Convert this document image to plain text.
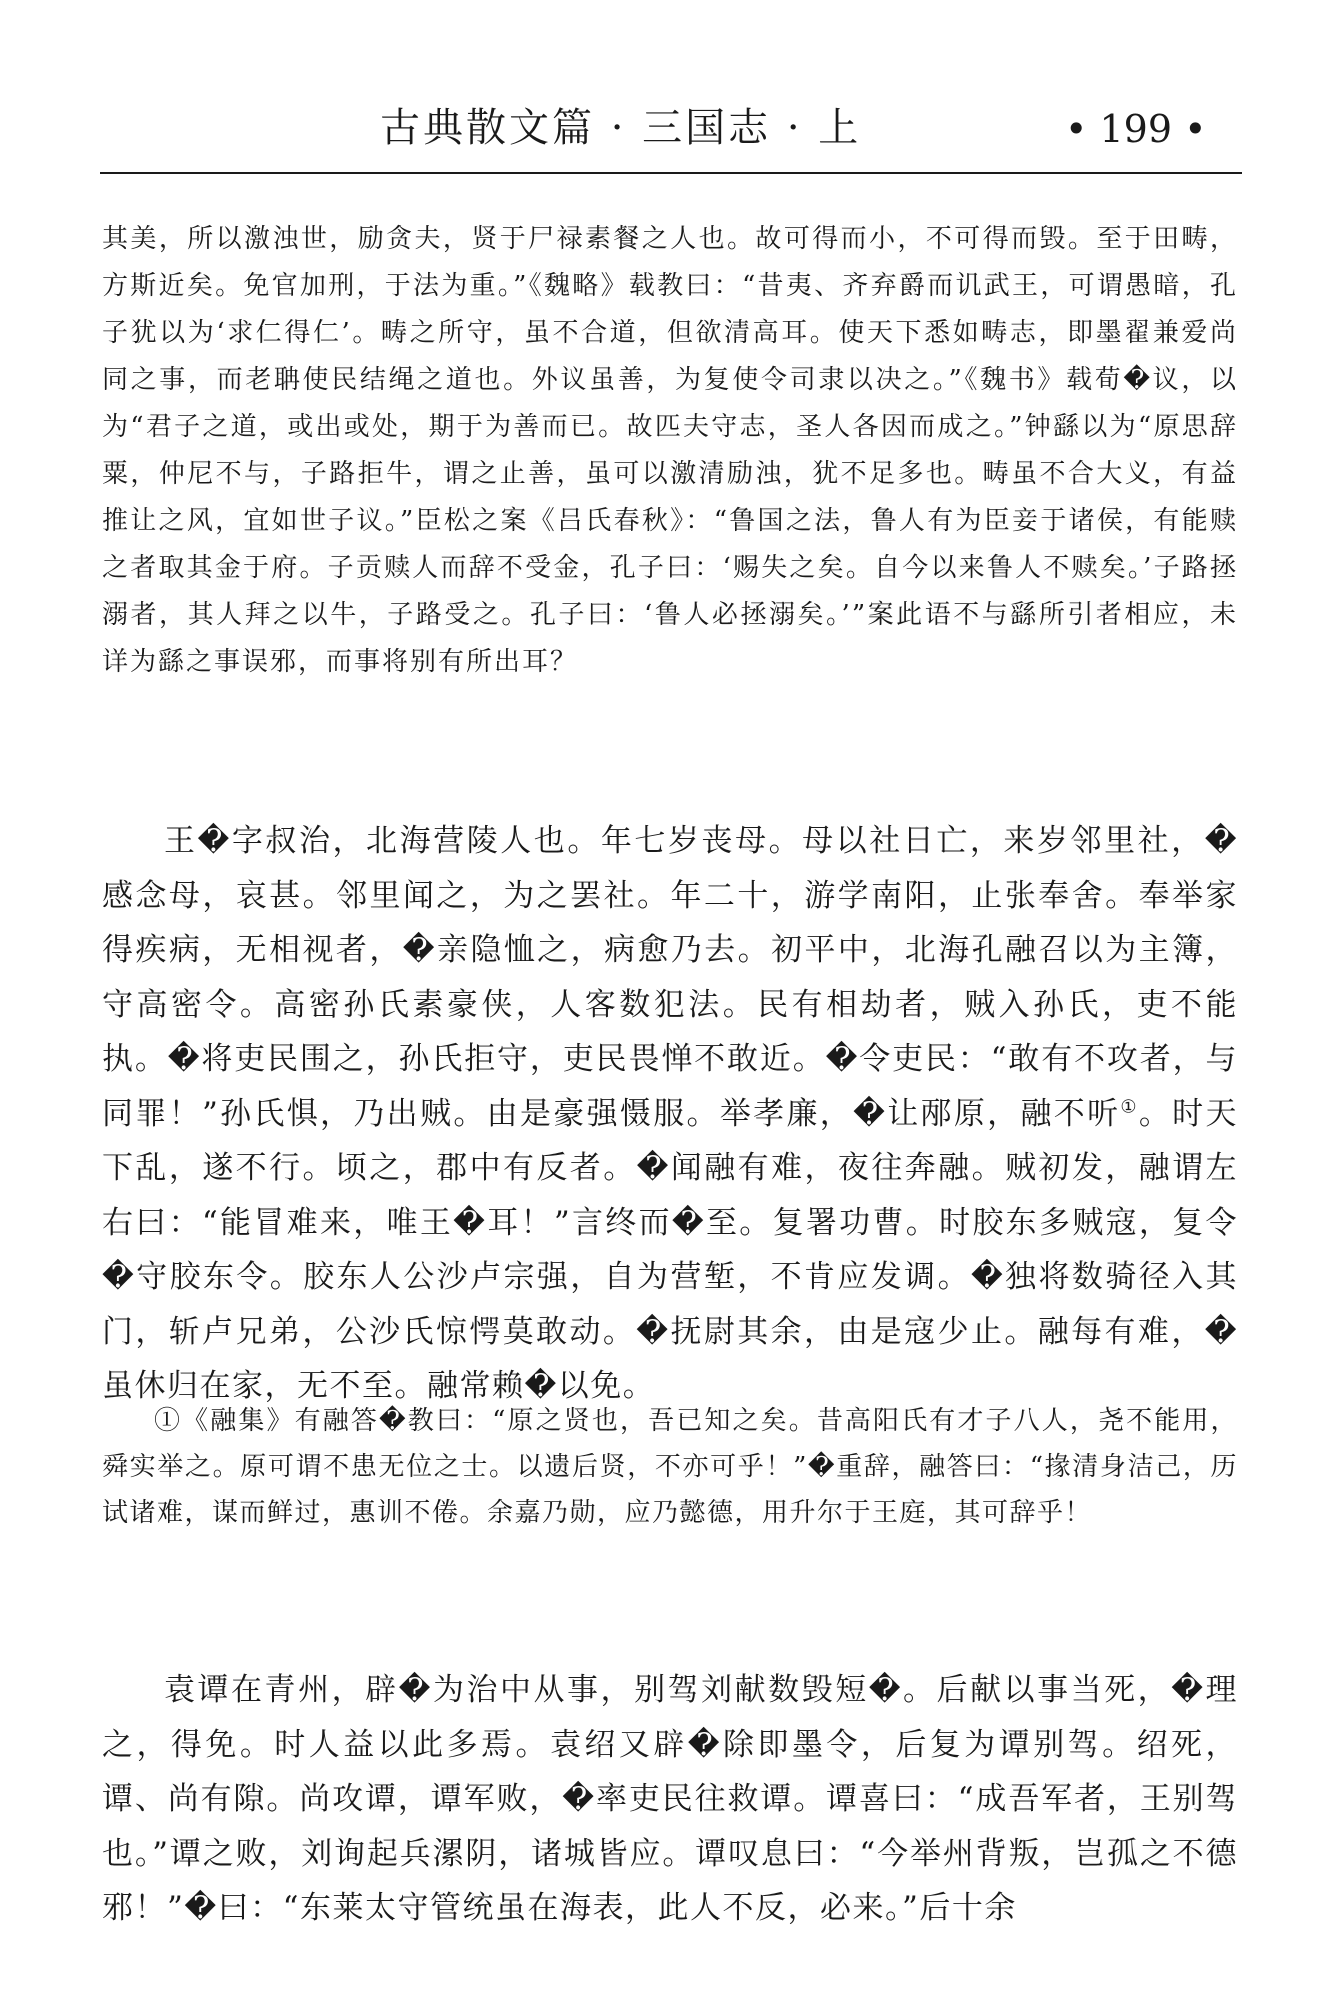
古典散文篇 · 三国志 · 上	• 199 •

其美，所以激浊世，励贪夫，贤于尸禄素餐之人也。故可得而小，不可得而毁。至于田畴，方斯近矣。免官加刑，于法为重。”《魏略》载教曰：“昔夷、齐弃爵而讥武王，可谓愚暗，孔子犹以为‘求仁得仁’。畴之所守，虽不合道，但欲清高耳。使天下悉如畴志，即墨翟兼爱尚同之事，而老聃使民结绳之道也。外议虽善，为复使令司隶以决之。”《魏书》载荀�议，以为“君子之道，或出或处，期于为善而已。故匹夫守志，圣人各因而成之。”钟繇以为“原思辞粟，仲尼不与，子路拒牛，谓之止善，虽可以激清励浊，犹不足多也。畴虽不合大义，有益推让之风，宜如世子议。”臣松之案《吕氏春秋》：“鲁国之法，鲁人有为臣妾于诸侯，有能赎之者取其金于府。子贡赎人而辞不受金，孔子曰：‘赐失之矣。自今以来鲁人不赎矣。’子路拯溺者，其人拜之以牛，子路受之。孔子曰：‘鲁人必拯溺矣。’”案此语不与繇所引者相应，未详为繇之事误邪，而事将别有所出耳？

王�字叔治，北海营陵人也。年七岁丧母。母以社日亡，来岁邻里社，�感念母，哀甚。邻里闻之，为之罢社。年二十，游学南阳，止张奉舍。奉举家得疾病，无相视者，�亲隐恤之，病愈乃去。初平中，北海孔融召以为主簿，守高密令。高密孙氏素豪侠，人客数犯法。民有相劫者，贼入孙氏，吏不能执。�将吏民围之，孙氏拒守，吏民畏惮不敢近。�令吏民：“敢有不攻者，与同罪！”孙氏惧，乃出贼。由是豪强慑服。举孝廉，�让邴原，融不听①。时天下乱，遂不行。顷之，郡中有反者。�闻融有难，夜往奔融。贼初发，融谓左右曰：“能冒难来，唯王�耳！”言终而�至。复署功曹。时胶东多贼寇，复令�守胶东令。胶东人公沙卢宗强，自为营堑，不肯应发调。�独将数骑径入其门，斩卢兄弟，公沙氏惊愕莫敢动。�抚尉其余，由是寇少止。融每有难，�虽休归在家，无不至。融常赖�以免。

①《融集》有融答�教曰：“原之贤也，吾已知之矣。昔高阳氏有才子八人，尧不能用，舜实举之。原可谓不患无位之士。以遗后贤，不亦可乎！”�重辞，融答曰：“掾清身洁己，历试诸难，谋而鲜过，惠训不倦。余嘉乃勋，应乃懿德，用升尔于王庭，其可辞乎！

袁谭在青州，辟�为治中从事，别驾刘献数毁短�。后献以事当死，�理之，得免。时人益以此多焉。袁绍又辟�除即墨令，后复为谭别驾。绍死，谭、尚有隙。尚攻谭，谭军败，�率吏民往救谭。谭喜曰：“成吾军者，王别驾也。”谭之败，刘询起兵漯阴，诸城皆应。谭叹息曰：“今举州背叛，岂孤之不德邪！”�曰：“东莱太守管统虽在海表，此人不反，必来。”后十余
